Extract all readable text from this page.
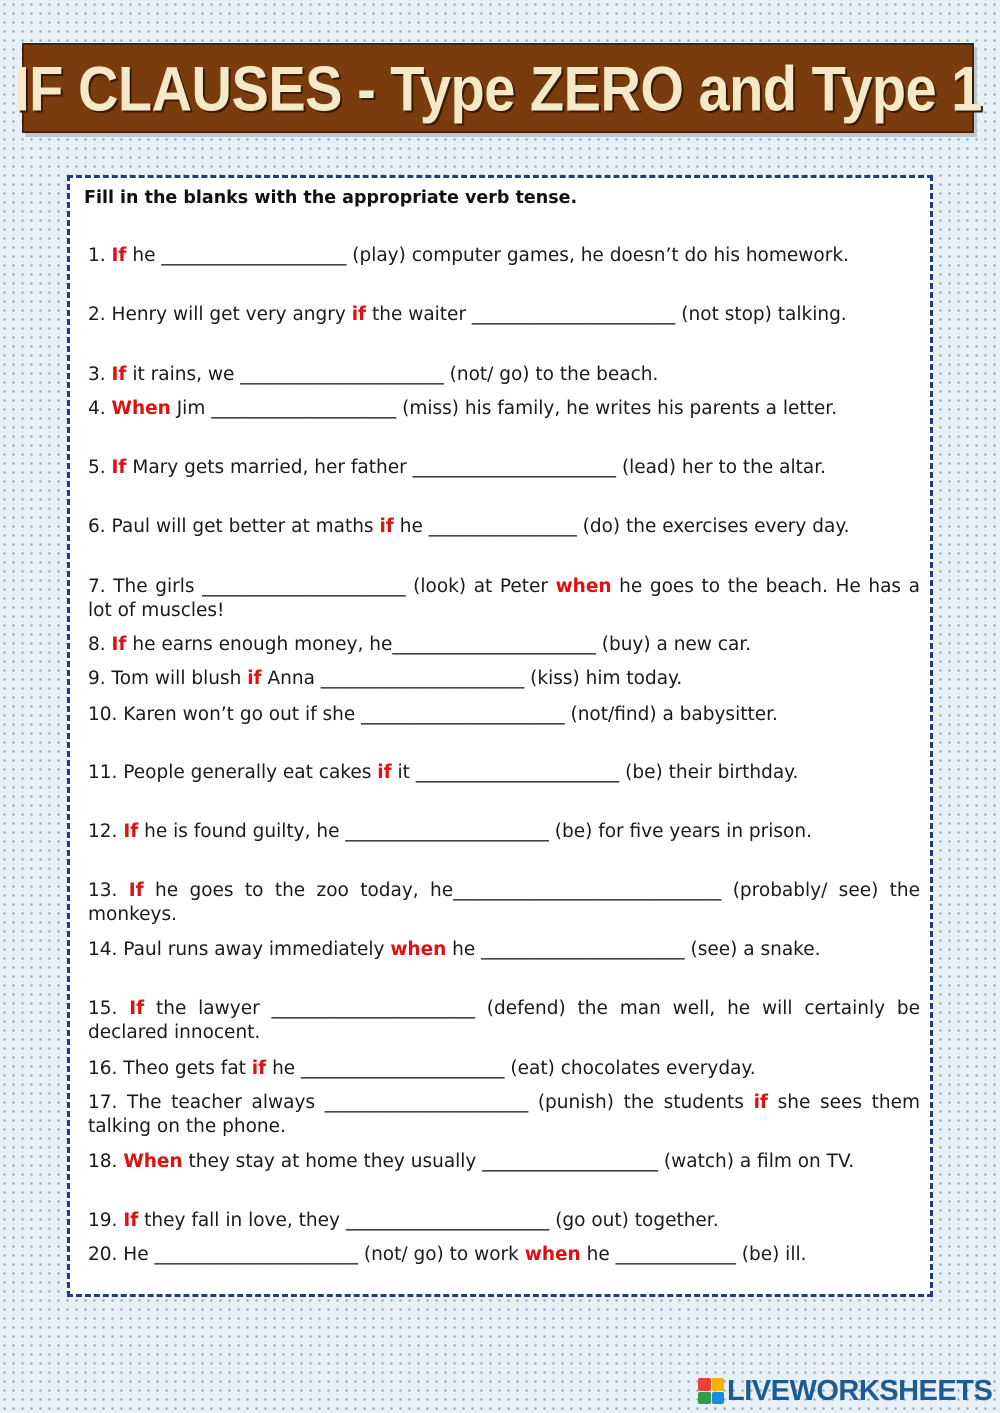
IF CLAUSES - Type ZERO and Type 1
Fill in the blanks with the appropriate verb tense.
1. If he ____________________ (play) computer games, he doesn’t do his homework.
2. Henry will get very angry if the waiter ______________________ (not stop) talking.
3. If it rains, we ______________________ (not/ go) to the beach.
4. When Jim ____________________ (miss) his family, he writes his parents a letter.
5. If Mary gets married, her father ______________________ (lead) her to the altar.
6. Paul will get better at maths if he ________________ (do) the exercises every day.
7. The girls ______________________ (look) at Peter when he goes to the beach. He has a lot of muscles!
8. If he earns enough money, he______________________ (buy) a new car.
9. Tom will blush if Anna ______________________ (kiss) him today.
10. Karen won’t go out if she ______________________ (not/find) a babysitter.
11. People generally eat cakes if it ______________________ (be) their birthday.
12. If he is found guilty, he ______________________ (be) for five years in prison.
13. If he goes to the zoo today, he_____________________________ (probably/ see) the monkeys.
14. Paul runs away immediately when he ______________________ (see) a snake.
15. If the lawyer ______________________ (defend) the man well, he will certainly be declared innocent.
16. Theo gets fat if he ______________________ (eat) chocolates everyday.
17. The teacher always ______________________ (punish) the students if she sees them talking on the phone.
18. When they stay at home they usually ___________________ (watch) a film on TV.
19. If they fall in love, they ______________________ (go out) together.
20. He ______________________ (not/ go) to work when he _____________ (be) ill.
LIVEWORKSHEETS
